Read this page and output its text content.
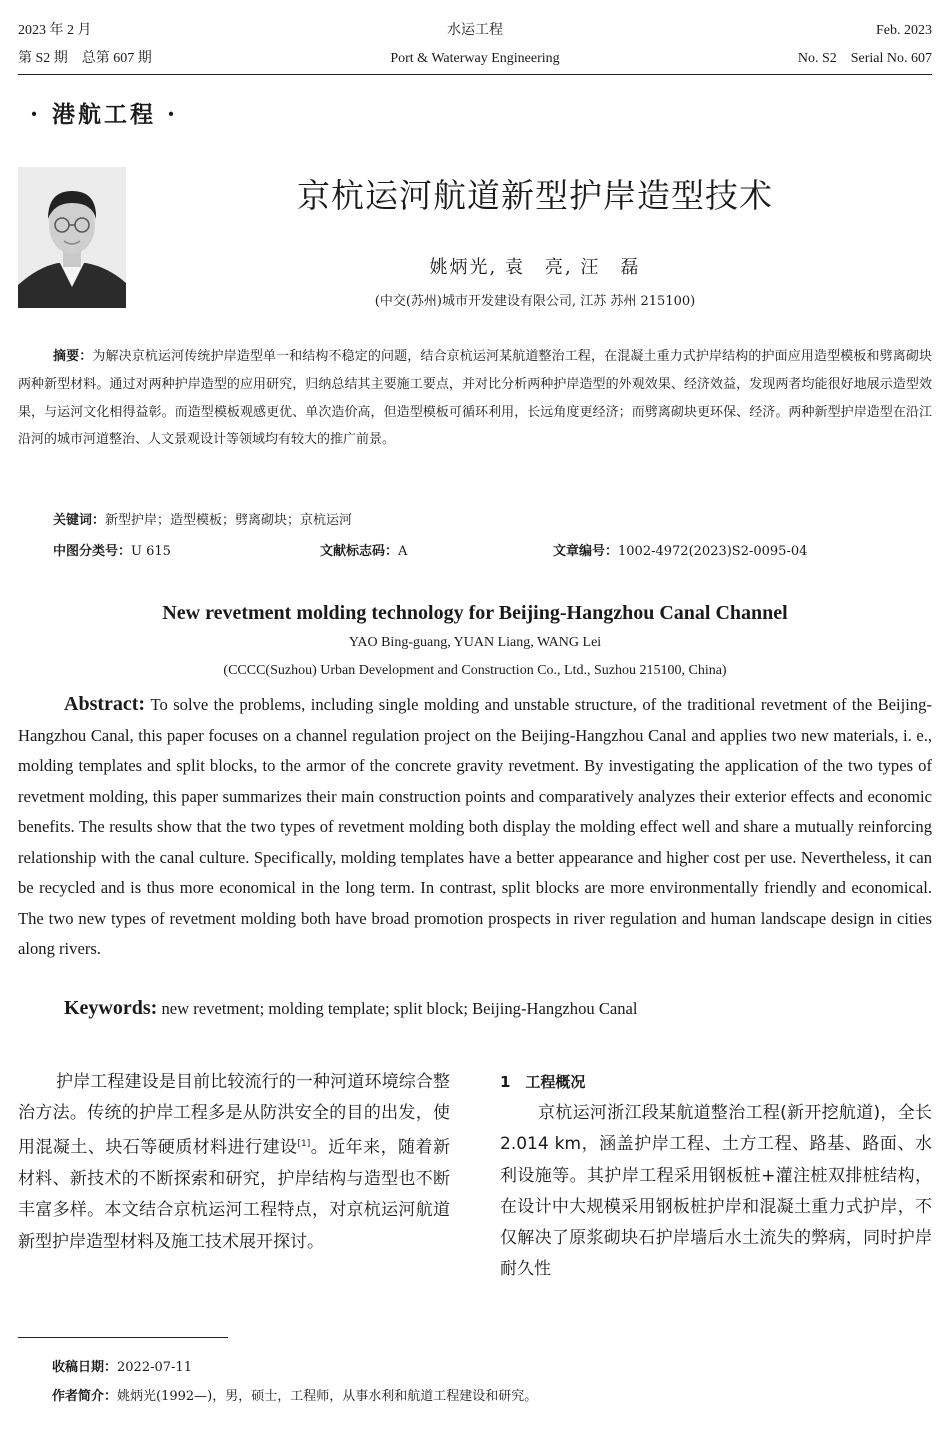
2023 年 2 月
第 S2 期　总第 607 期
水运工程
Port & Waterway Engineering
Feb. 2023
No. S2　Serial No. 607
· 港航工程 ·
京杭运河航道新型护岸造型技术
姚炳光, 袁　亮, 汪　磊
(中交(苏州)城市开发建设有限公司, 江苏 苏州 215100)
摘要：为解决京杭运河传统护岸造型单一和结构不稳定的问题，结合京杭运河某航道整治工程，在混凝土重力式护岸结构的护面应用造型模板和劈离砌块两种新型材料。通过对两种护岸造型的应用研究，归纳总结其主要施工要点，并对比分析两种护岸造型的外观效果、经济效益，发现两者均能很好地展示造型效果，与运河文化相得益彰。而造型模板观感更优、单次造价高，但造型模板可循环利用，长远角度更经济；而劈离砌块更环保、经济。两种新型护岸造型在沿江沿河的城市河道整治、人文景观设计等领域均有较大的推广前景。
关键词：新型护岸；造型模板；劈离砌块；京杭运河
中图分类号：U 615	文献标志码：A	文章编号：1002-4972(2023)S2-0095-04
New revetment molding technology for Beijing-Hangzhou Canal Channel
YAO Bing-guang, YUAN Liang, WANG Lei
(CCCC(Suzhou) Urban Development and Construction Co., Ltd., Suzhou 215100, China)
Abstract: To solve the problems, including single molding and unstable structure, of the traditional revetment of the Beijing-Hangzhou Canal, this paper focuses on a channel regulation project on the Beijing-Hangzhou Canal and applies two new materials, i. e., molding templates and split blocks, to the armor of the concrete gravity revetment. By investigating the application of the two types of revetment molding, this paper summarizes their main construction points and comparatively analyzes their exterior effects and economic benefits. The results show that the two types of revetment molding both display the molding effect well and share a mutually reinforcing relationship with the canal culture. Specifically, molding templates have a better appearance and higher cost per use. Nevertheless, it can be recycled and is thus more economical in the long term. In contrast, split blocks are more environmentally friendly and economical. The two new types of revetment molding both have broad promotion prospects in river regulation and human landscape design in cities along rivers.
Keywords: new revetment; molding template; split block; Beijing-Hangzhou Canal

护岸工程建设是目前比较流行的一种河道环境综合整治方法。传统的护岸工程多是从防洪安全的目的出发，使用混凝土、块石等硬质材料进行建设[1]。近年来，随着新材料、新技术的不断探索和研究，护岸结构与造型也不断丰富多样。本文结合京杭运河工程特点，对京杭运河航道新型护岸造型材料及施工技术展开探讨。

1　工程概况

京杭运河浙江段某航道整治工程(新开挖航道)，全长 2.014 km，涵盖护岸工程、土方工程、路基、路面、水利设施等。其护岸工程采用钢板桩+灌注桩双排桩结构，在设计中大规模采用钢板桩护岸和混凝土重力式护岸，不仅解决了原浆砌块石护岸墙后水土流失的弊病，同时护岸耐久性

收稿日期：2022-07-11
作者简介：姚炳光(1992—)，男，硕士，工程师，从事水利和航道工程建设和研究。
